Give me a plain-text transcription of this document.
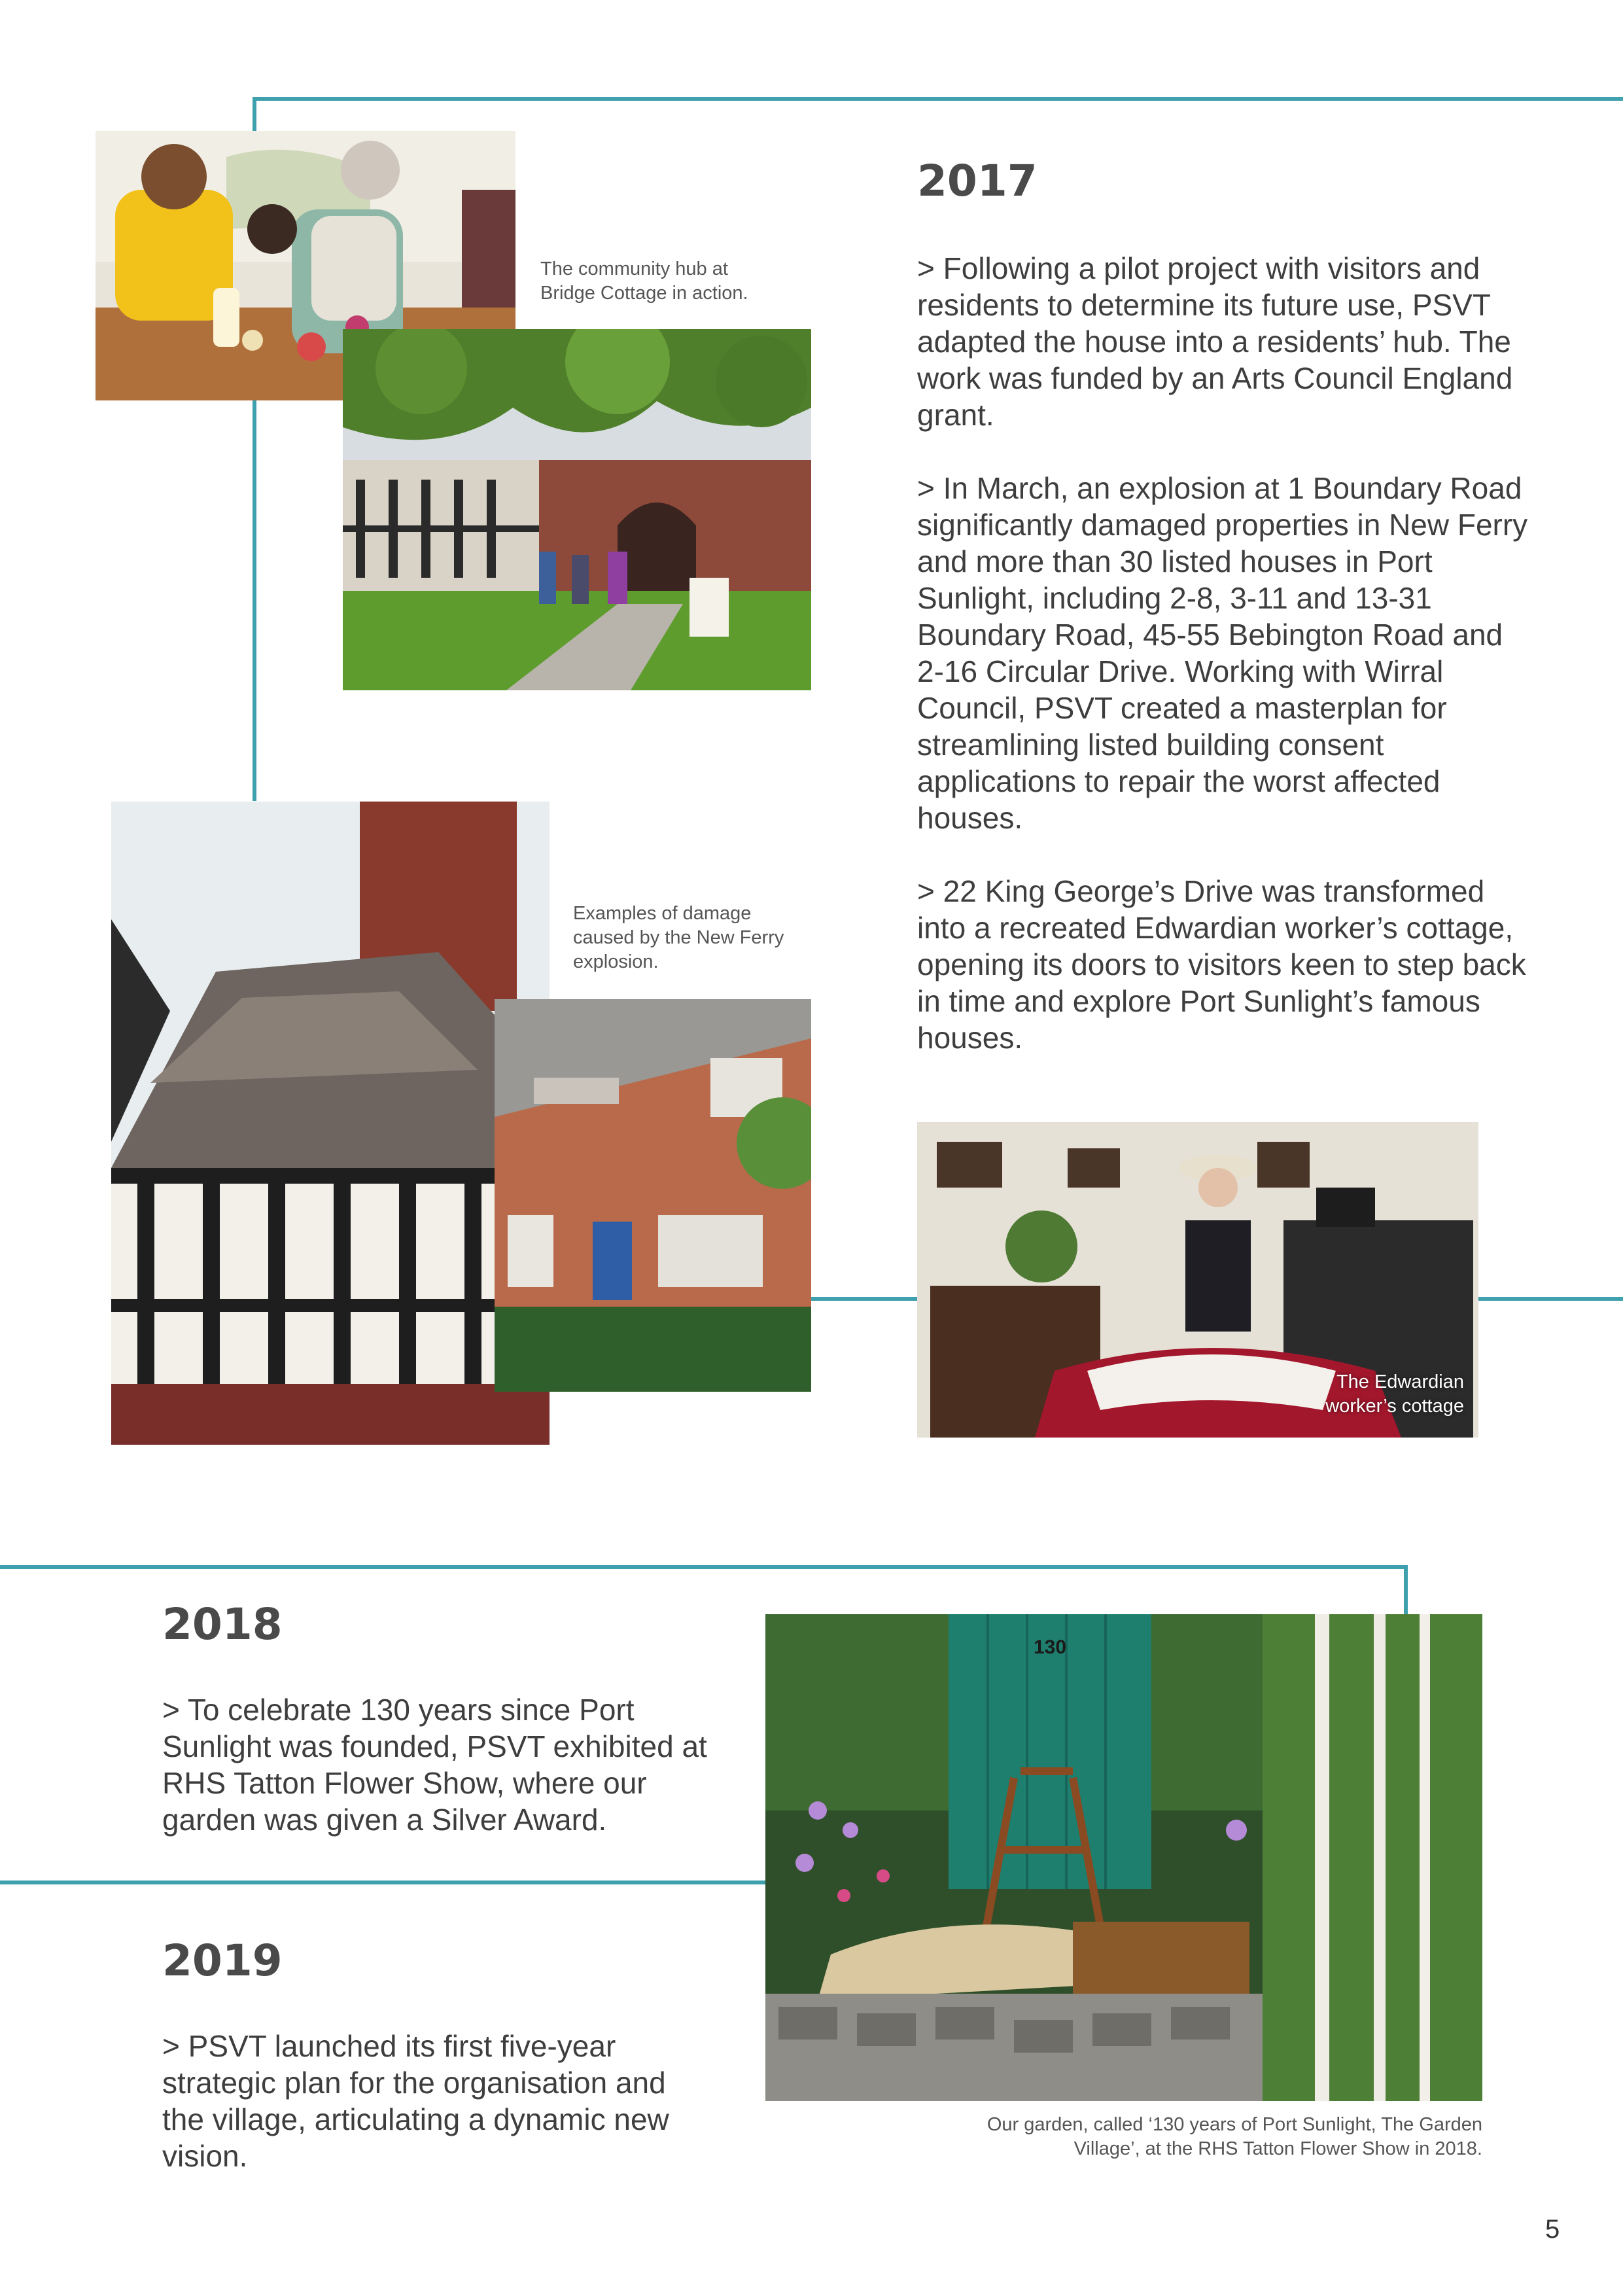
The community hub at
Bridge Cottage in action.
2017

> Following a pilot project with visitors and residents to determine its future use, PSVT adapted the house into a residents’ hub. The work was funded by an Arts Council England grant.

> In March, an explosion at 1 Boundary Road significantly damaged properties in New Ferry and more than 30 listed houses in Port Sunlight, including 2-8, 3-11 and 13-31 Boundary Road, 45-55 Bebington Road and 2-16 Circular Drive. Working with Wirral Council, PSVT created a masterplan for streamlining listed building consent applications to repair the worst affected houses.

> 22 King George’s Drive was transformed into a recreated Edwardian worker’s cottage, opening its doors to visitors keen to step back in time and explore Port Sunlight’s famous houses.

Examples of damage
caused by the New Ferry
explosion.
The Edwardian
worker’s cottage
2018

> To celebrate 130 years since Port Sunlight was founded, PSVT exhibited at RHS Tatton Flower Show, where our garden was given a Silver Award.

2019

> PSVT launched its first five-year strategic plan for the organisation and the village, articulating a dynamic new vision.

130
Our garden, called ‘130 years of Port Sunlight, The Garden
Village’, at the RHS Tatton Flower Show in 2018.
5
